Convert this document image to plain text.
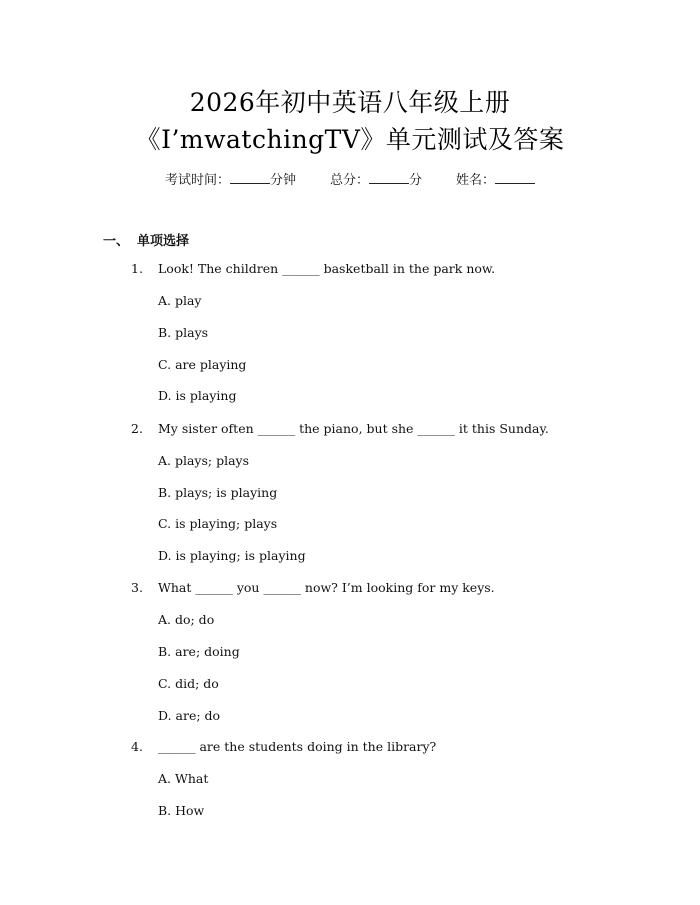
2026年初中英语八年级上册
《I’mwatchingTV》单元测试及答案
考试时间：	分钟	总分：	分	姓名：
一、 单项选择
1. Look! The children ______ basketball in the park now.
A. play
B. plays
C. are playing
D. is playing
2. My sister often ______ the piano, but she ______ it this Sunday.
A. plays; plays
B. plays; is playing
C. is playing; plays
D. is playing; is playing
3. What ______ you ______ now? I’m looking for my keys.
A. do; do
B. are; doing
C. did; do
D. are; do
4. ______ are the students doing in the library?
A. What
B. How
